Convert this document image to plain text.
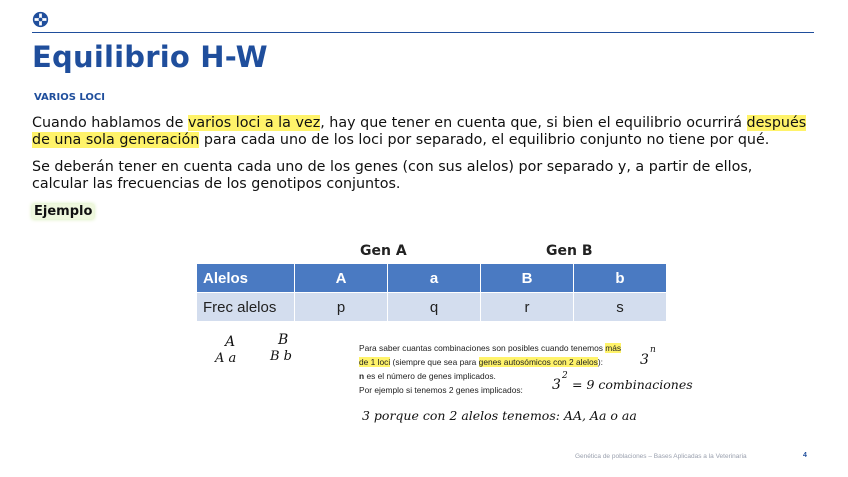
Equilibrio H-W
VARIOS LOCI
Cuando hablamos de varios loci a la vez, hay que tener en cuenta que, si bien el equilibrio ocurrirá después de una sola generación para cada uno de los loci por separado, el equilibrio conjunto no tiene por qué.
Se deberán tener en cuenta cada uno de los genes (con sus alelos) por separado y, a partir de ellos, calcular las frecuencias de los genotipos conjuntos.
Ejemplo
Gen A	Gen B
Alelos	A	a	B	b
Frec alelos	p	q	r	s
A
A a
B
B b
Para saber cuantas combinaciones son posibles cuando tenemos más
de 1 loci (siempre que sea para genes autosómicos con 2 alelos):
n es el número de genes implicados.
Por ejemplo si tenemos 2 genes implicados:
3
n
3
2
= 9 combinaciones
3 porque con 2 alelos tenemos: AA, Aa o aa
Genética de poblaciones – Bases Aplicadas a la Veterinaria	4
